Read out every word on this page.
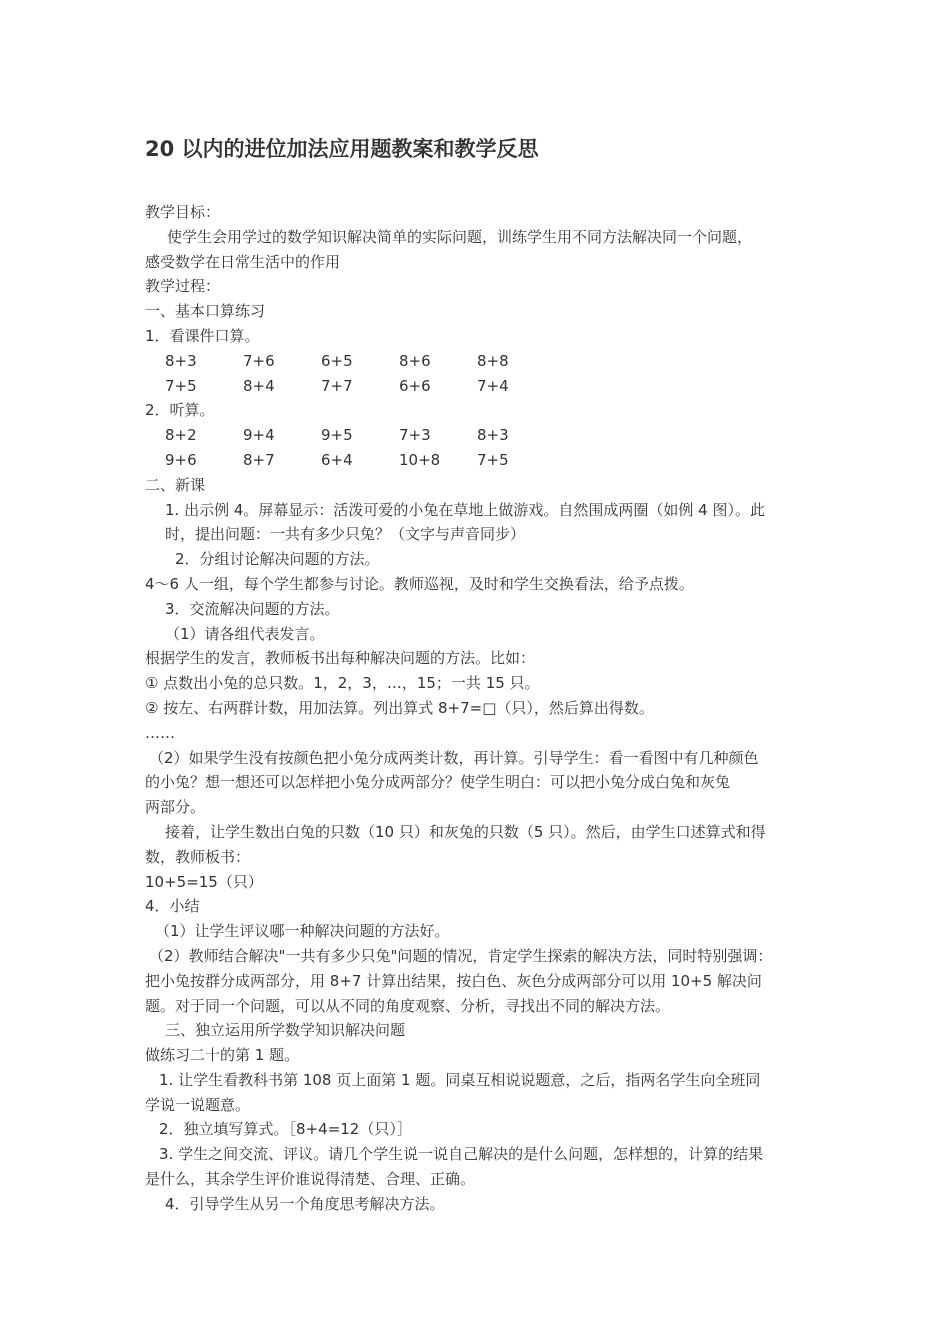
20 以内的进位加法应用题教案和教学反思
教学目标：
使学生会用学过的数学知识解决简单的实际问题，训练学生用不同方法解决同一个问题，
感受数学在日常生活中的作用
教学过程：
一、基本口算练习
1．看课件口算。
8+3	7+6	6+5	8+6	8+8
7+5	8+4	7+7	6+6	7+4
2．听算。
8+2	9+4	9+5	7+3	8+3
9+6	8+7	6+4	10+8	7+5
二、新课
1. 出示例 4。屏幕显示：活泼可爱的小兔在草地上做游戏。自然围成两圈（如例 4 图）。此
时，提出问题：一共有多少只兔？（文字与声音同步）
2．分组讨论解决问题的方法。
4～6 人一组，每个学生都参与讨论。教师巡视，及时和学生交换看法，给予点拨。
3．交流解决问题的方法。
（1）请各组代表发言。
根据学生的发言，教师板书出每种解决问题的方法。比如：
① 点数出小兔的总只数。1，2，3，…，15；一共 15 只。
② 按左、右两群计数，用加法算。列出算式 8+7=□（只），然后算出得数。
……
（2）如果学生没有按颜色把小兔分成两类计数，再计算。引导学生：看一看图中有几种颜色
的小兔？想一想还可以怎样把小兔分成两部分？使学生明白：可以把小兔分成白兔和灰兔
两部分。
接着，让学生数出白兔的只数（10 只）和灰兔的只数（5 只）。然后，由学生口述算式和得
数，教师板书：
10+5=15（只）
4．小结
（1）让学生评议哪一种解决问题的方法好。
（2）教师结合解决"一共有多少只兔"问题的情况，肯定学生探索的解决方法，同时特别强调：
把小兔按群分成两部分，用 8+7 计算出结果，按白色、灰色分成两部分可以用 10+5 解决问
题。对于同一个问题，可以从不同的角度观察、分析，寻找出不同的解决方法。
三、独立运用所学数学知识解决问题
做练习二十的第 1 题。
1. 让学生看教科书第 108 页上面第 1 题。同桌互相说说题意，之后，指两名学生向全班同
学说一说题意。
2．独立填写算式。［8+4=12（只）］
3. 学生之间交流、评议。请几个学生说一说自己解决的是什么问题，怎样想的，计算的结果
是什么，其余学生评价谁说得清楚、合理、正确。
4．引导学生从另一个角度思考解决方法。
